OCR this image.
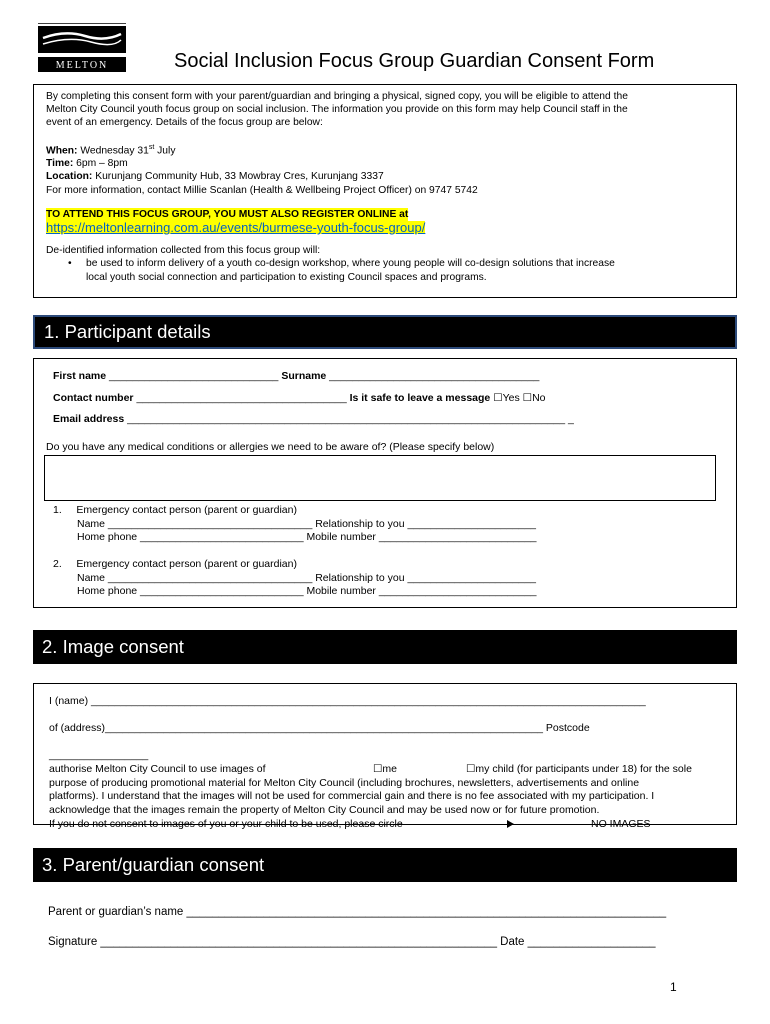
MELTON	Social Inclusion Focus Group Guardian Consent Form

By completing this consent form with your parent/guardian and bringing a physical, signed copy, you will be eligible to attend the

Melton City Council youth focus group on social inclusion. The information you provide on this form may help Council staff in the

event of an emergency. Details of the focus group are below:

When: Wednesday 31st July

Time: 6pm – 8pm

Location: Kurunjang Community Hub, 33 Mowbray Cres, Kurunjang 3337

For more information, contact Millie Scanlan (Health & Wellbeing Project Officer) on 9747 5742

TO ATTEND THIS FOCUS GROUP, YOU MUST ALSO REGISTER ONLINE at

https://meltonlearning.com.au/events/burmese-youth-focus-group/

De-identified information collected from this focus group will:

• be used to inform delivery of a youth co-design workshop, where young people will co-design solutions that increase
local youth social connection and participation to existing Council spaces and programs.
1. Participant details
First name _____________________________ Surname ____________________________________
Contact number ____________________________________ Is it safe to leave a message ☐Yes ☐No
Email address ___________________________________________________________________________ _
Do you have any medical conditions or allergies we need to be aware of? (Please specify below)
1. Emergency contact person (parent or guardian)
Name ___________________________________ Relationship to you ______________________
Home phone ____________________________ Mobile number ___________________________
2. Emergency contact person (parent or guardian)
Name ___________________________________ Relationship to you ______________________
Home phone ____________________________ Mobile number ___________________________
2. Image consent
I (name) _______________________________________________________________________________________________
of (address)___________________________________________________________________________ Postcode
_________________
authorise Melton City Council to use images of	☐me	☐my child (for participants under 18) for the sole
purpose of producing promotional material for Melton City Council (including brochures, newsletters, advertisements and online
platforms). I understand that the images will not be used for commercial gain and there is no fee associated with my participation. I
acknowledge that the images remain the property of Melton City Council and may be used now or for future promotion.
If you do not consent to images of you or your child to be used, please circle	NO IMAGES
3. Parent/guardian consent
Parent or guardian’s name ___________________________________________________________________________
Signature ______________________________________________________________ Date ____________________
1
